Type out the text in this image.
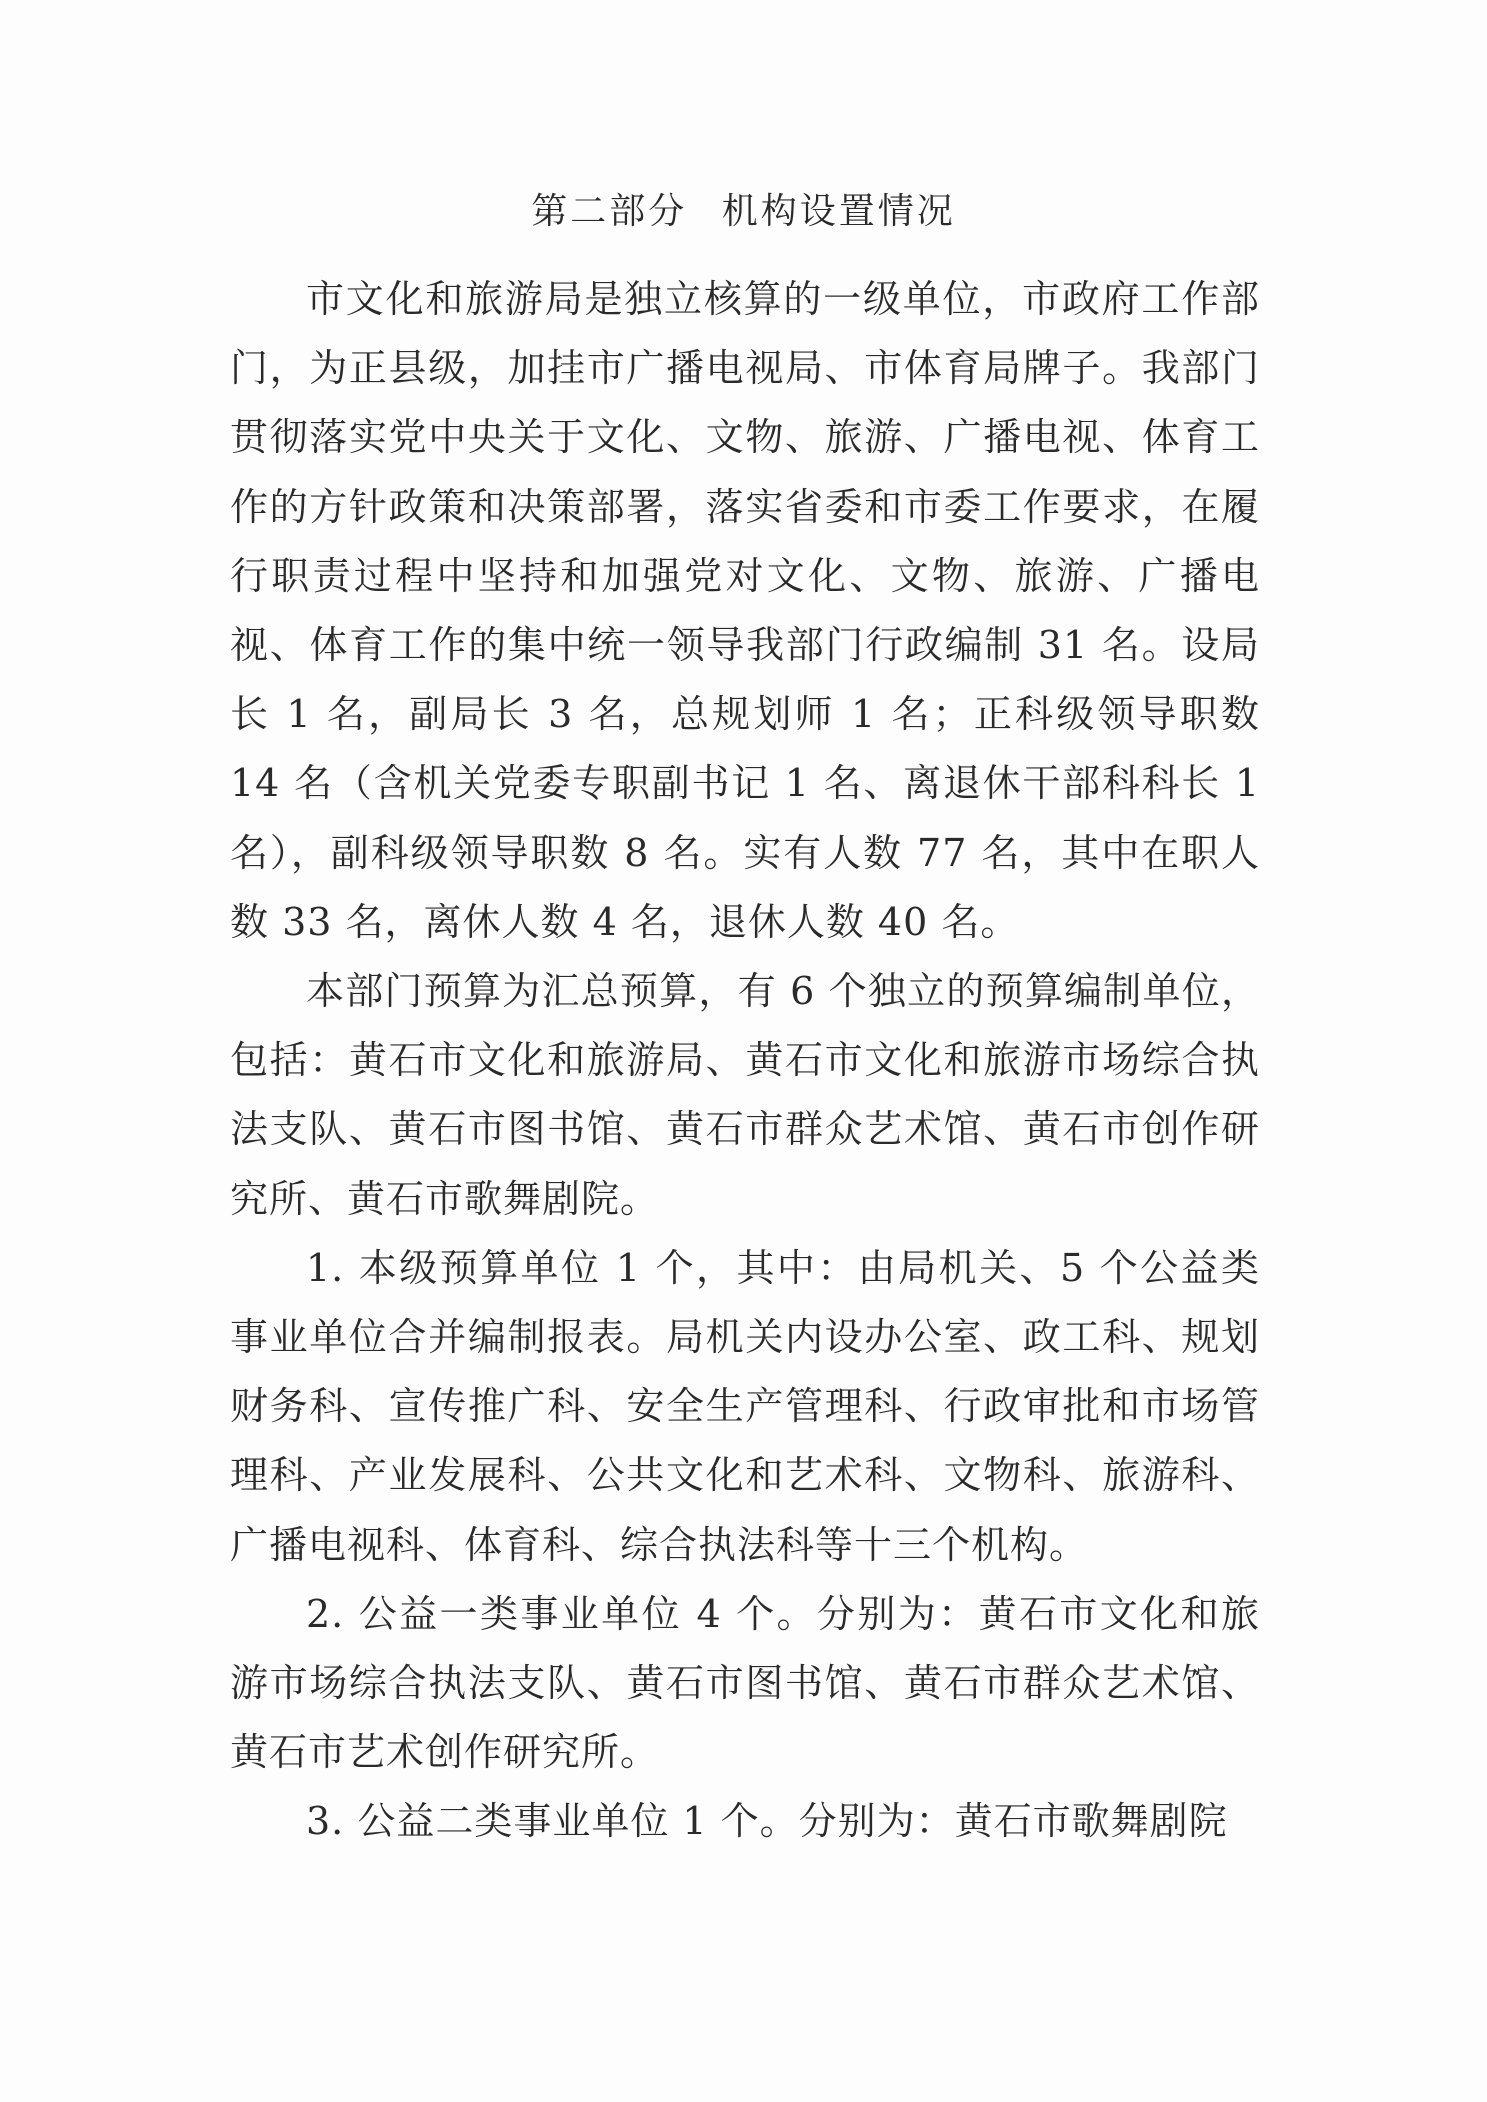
第二部分 机构设置情况

市文化和旅游局是独立核算的一级单位，市政府工作部门，为正县级，加挂市广播电视局、市体育局牌子。我部门贯彻落实党中央关于文化、文物、旅游、广播电视、体育工作的方针政策和决策部署，落实省委和市委工作要求，在履行职责过程中坚持和加强党对文化、文物、旅游、广播电视、体育工作的集中统一领导我部门行政编制 31 名。设局长 1 名，副局长 3 名，总规划师 1 名；正科级领导职数 14 名（含机关党委专职副书记 1 名、离退休干部科科长 1 名），副科级领导职数 8 名。实有人数 77 名，其中在职人数 33 名，离休人数 4 名，退休人数 40 名。

本部门预算为汇总预算，有 6 个独立的预算编制单位，包括：黄石市文化和旅游局、黄石市文化和旅游市场综合执法支队、黄石市图书馆、黄石市群众艺术馆、黄石市创作研究所、黄石市歌舞剧院。

1. 本级预算单位 1 个，其中：由局机关、5 个公益类事业单位合并编制报表。局机关内设办公室、政工科、规划财务科、宣传推广科、安全生产管理科、行政审批和市场管理科、产业发展科、公共文化和艺术科、文物科、旅游科、广播电视科、体育科、综合执法科等十三个机构。

2. 公益一类事业单位 4 个。分别为：黄石市文化和旅游市场综合执法支队、黄石市图书馆、黄石市群众艺术馆、黄石市艺术创作研究所。

3. 公益二类事业单位 1 个。分别为：黄石市歌舞剧院
